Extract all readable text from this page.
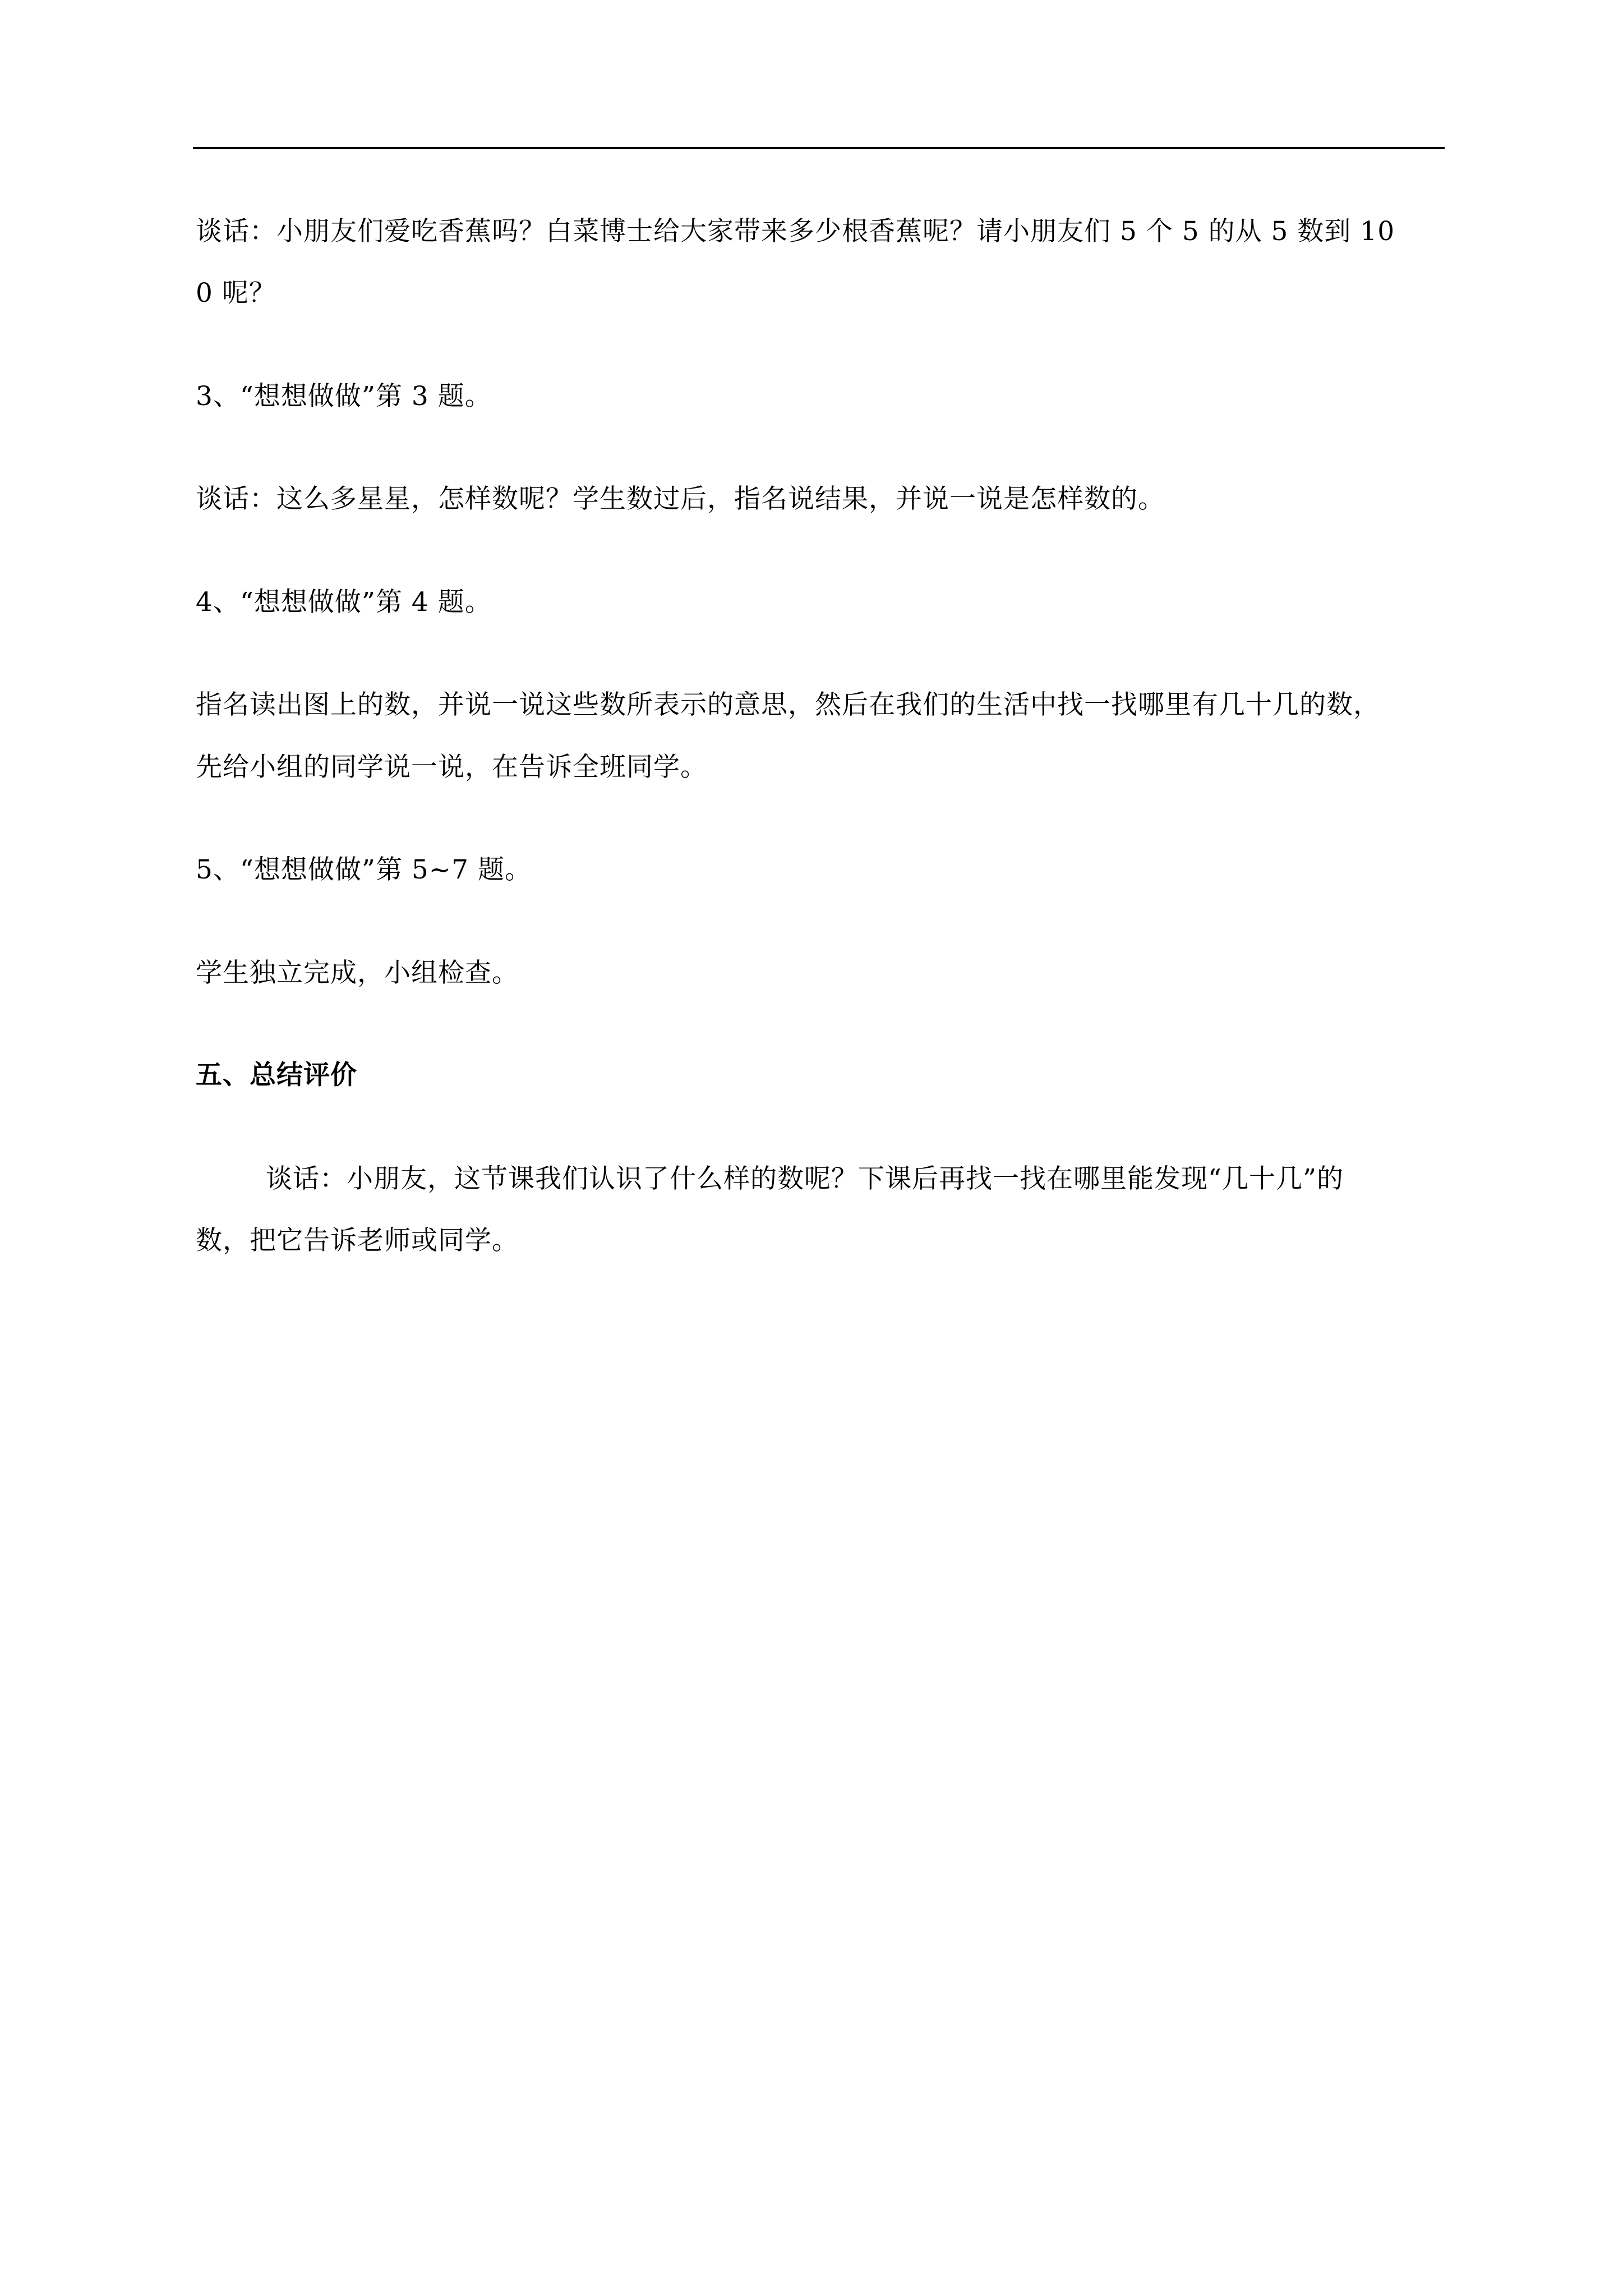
谈话：小朋友们爱吃香蕉吗？白菜博士给大家带来多少根香蕉呢？请小朋友们 5 个 5 的从 5 数到 10
0 呢？
3、“想想做做”第 3 题。
谈话：这么多星星，怎样数呢？学生数过后，指名说结果，并说一说是怎样数的。
4、“想想做做”第 4 题。
指名读出图上的数，并说一说这些数所表示的意思，然后在我们的生活中找一找哪里有几十几的数，
先给小组的同学说一说，在告诉全班同学。
5、“想想做做”第 5~7 题。
学生独立完成，小组检查。
五、总结评价
谈话：小朋友，这节课我们认识了什么样的数呢？下课后再找一找在哪里能发现“几十几”的
数，把它告诉老师或同学。
